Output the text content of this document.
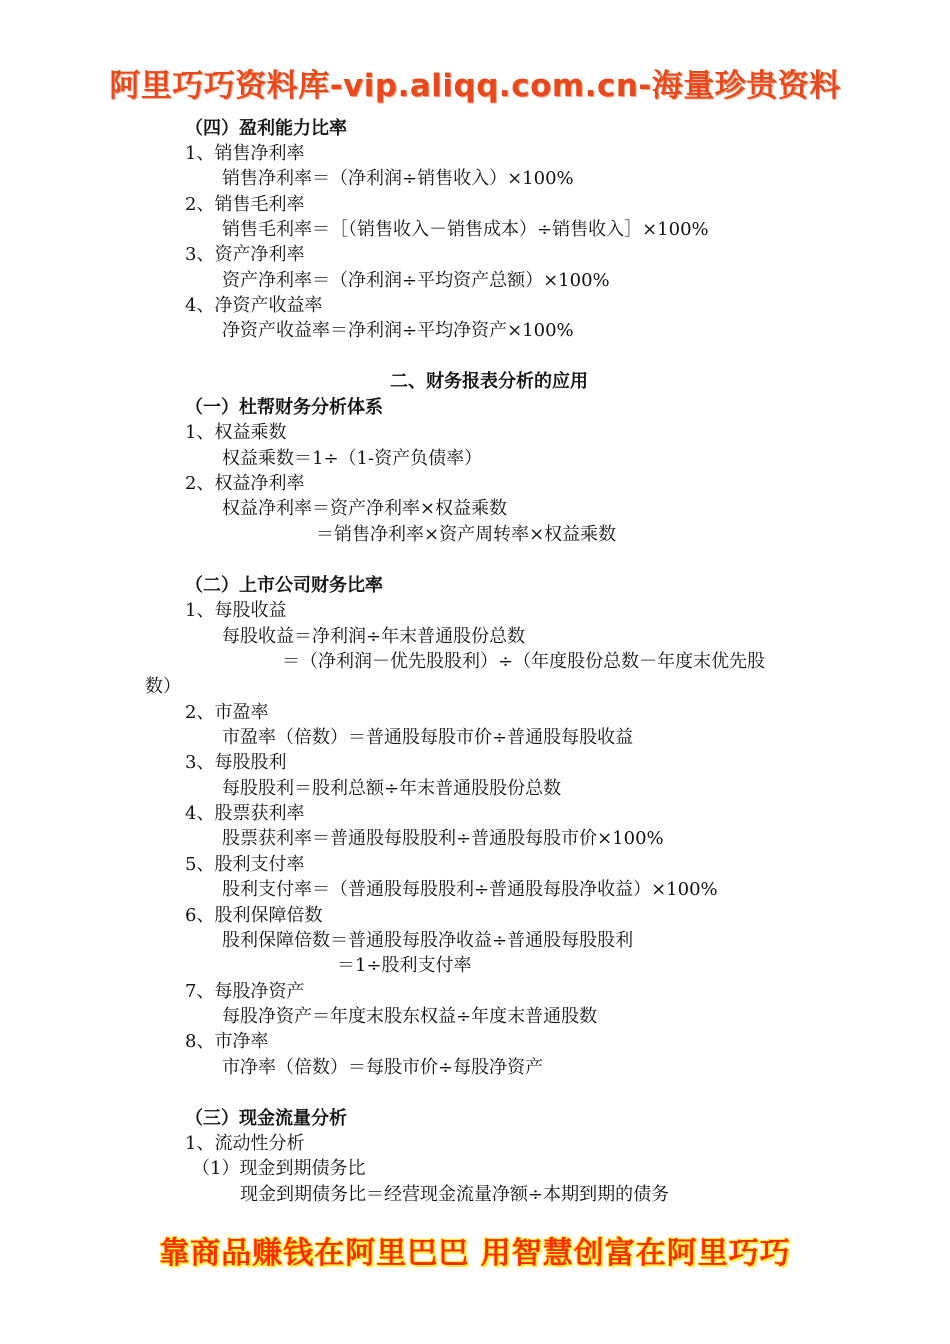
阿里巧巧资料库-vip.aliqq.com.cn-海量珍贵资料
（四）盈利能力比率
1、销售净利率
销售净利率＝（净利润÷销售收入）×100%
2、销售毛利率
销售毛利率＝［（销售收入－销售成本）÷销售收入］×100%
3、资产净利率
资产净利率＝（净利润÷平均资产总额）×100%
4、净资产收益率
净资产收益率＝净利润÷平均净资产×100%
二、财务报表分析的应用
（一）杜帮财务分析体系
1、权益乘数
权益乘数＝1÷（1-资产负债率）
2、权益净利率
权益净利率＝资产净利率×权益乘数
＝销售净利率×资产周转率×权益乘数
（二）上市公司财务比率
1、每股收益
每股收益＝净利润÷年末普通股份总数
＝（净利润－优先股股利）÷（年度股份总数－年度末优先股
数）
2、市盈率
市盈率（倍数）＝普通股每股市价÷普通股每股收益
3、每股股利
每股股利＝股利总额÷年末普通股股份总数
4、股票获利率
股票获利率＝普通股每股股利÷普通股每股市价×100%
5、股利支付率
股利支付率＝（普通股每股股利÷普通股每股净收益）×100%
6、股利保障倍数
股利保障倍数＝普通股每股净收益÷普通股每股股利
＝1÷股利支付率
7、每股净资产
每股净资产＝年度末股东权益÷年度末普通股数
8、市净率
市净率（倍数）＝每股市价÷每股净资产
（三）现金流量分析
1、流动性分析
（1）现金到期债务比
现金到期债务比＝经营现金流量净额÷本期到期的债务
靠商品赚钱在阿里巴巴 用智慧创富在阿里巧巧
